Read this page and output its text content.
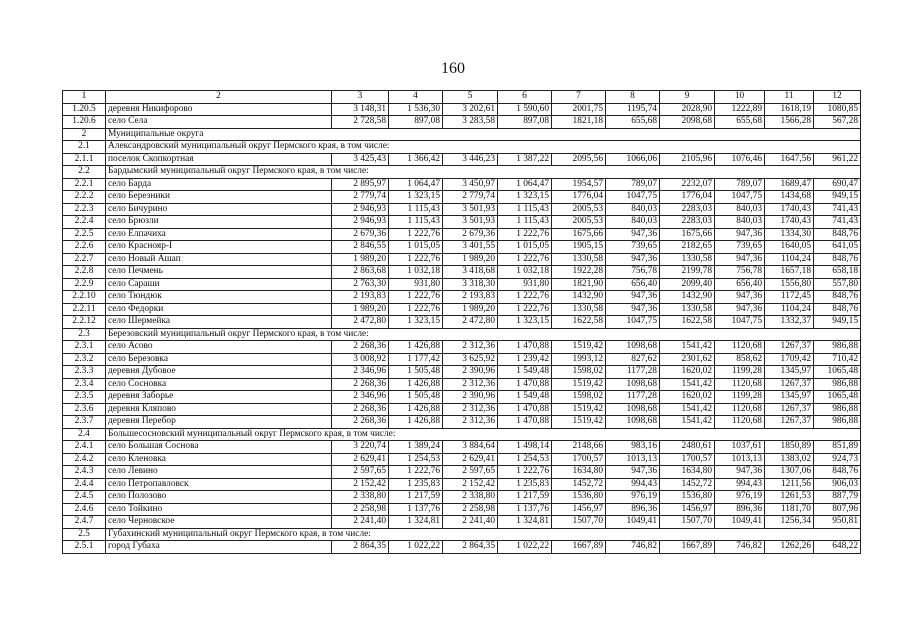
160
1	2	3	4	5	6	7	8	9	10	11	12
1.20.5	деревня Никифорово	3 148,31	1 536,30	3 202,61	1 590,60	2001,75	1195,74	2028,90	1222,89	1618,19	1080,85
1.20.6	село Села	2 728,58	897,08	3 283,58	897,08	1821,18	655,68	2098,68	655,68	1566,28	567,28
2	Муниципальные округа										
2.1	Александровский муниципальный округ Пермского края, в том числе:										
2.1.1	поселок Скопкортная	3 425,43	1 366,42	3 446,23	1 387,22	2095,56	1066,06	2105,96	1076,46	1647,56	961,22
2.2	Бардымский муниципальный округ Пермского края, в том числе:										
2.2.1	село Барда	2 895,97	1 064,47	3 450,97	1 064,47	1954,57	789,07	2232,07	789,07	1689,47	690,47
2.2.2	село Березники	2 779,74	1 323,15	2 779,74	1 323,15	1776,04	1047,75	1776,04	1047,75	1434,68	949,15
2.2.3	село Бичурино	2 946,93	1 115,43	3 501,93	1 115,43	2005,53	840,03	2283,03	840,03	1740,43	741,43
2.2.4	село Брюзли	2 946,93	1 115,43	3 501,93	1 115,43	2005,53	840,03	2283,03	840,03	1740,43	741,43
2.2.5	село Елпачиха	2 679,36	1 222,76	2 679,36	1 222,76	1675,66	947,36	1675,66	947,36	1334,30	848,76
2.2.6	село Краснояр-I	2 846,55	1 015,05	3 401,55	1 015,05	1905,15	739,65	2182,65	739,65	1640,05	641,05
2.2.7	село Новый Ашап	1 989,20	1 222,76	1 989,20	1 222,76	1330,58	947,36	1330,58	947,36	1104,24	848,76
2.2.8	село Печмень	2 863,68	1 032,18	3 418,68	1 032,18	1922,28	756,78	2199,78	756,78	1657,18	658,18
2.2.9	село Сараши	2 763,30	931,80	3 318,30	931,80	1821,90	656,40	2099,40	656,40	1556,80	557,80
2.2.10	село Тюндюк	2 193,83	1 222,76	2 193,83	1 222,76	1432,90	947,36	1432,90	947,36	1172,45	848,76
2.2.11	село Федорки	1 989,20	1 222,76	1 989,20	1 222,76	1330,58	947,36	1330,58	947,36	1104,24	848,76
2.2.12	село Шермейка	2 472,80	1 323,15	2 472,80	1 323,15	1622,58	1047,75	1622,58	1047,75	1332,37	949,15
2.3	Березовский муниципальный округ Пермского края, в том числе:										
2.3.1	село Асово	2 268,36	1 426,88	2 312,36	1 470,88	1519,42	1098,68	1541,42	1120,68	1267,37	986,88
2.3.2	село Березовка	3 008,92	1 177,42	3 625,92	1 239,42	1993,12	827,62	2301,62	858,62	1709,42	710,42
2.3.3	деревня Дубовое	2 346,96	1 505,48	2 390,96	1 549,48	1598,02	1177,28	1620,02	1199,28	1345,97	1065,48
2.3.4	село Сосновка	2 268,36	1 426,88	2 312,36	1 470,88	1519,42	1098,68	1541,42	1120,68	1267,37	986,88
2.3.5	деревня Заборье	2 346,96	1 505,48	2 390,96	1 549,48	1598,02	1177,28	1620,02	1199,28	1345,97	1065,48
2.3.6	деревня Кляпово	2 268,36	1 426,88	2 312,36	1 470,88	1519,42	1098,68	1541,42	1120,68	1267,37	986,88
2.3.7	деревня Перебор	2 268,36	1 426,88	2 312,36	1 470,88	1519,42	1098,68	1541,42	1120,68	1267,37	986,88
2.4	Большесосновский муниципальный округ Пермского края, в том числе:										
2.4.1	село Большая Соснова	3 220,74	1 389,24	3 884,64	1 498,14	2148,66	983,16	2480,61	1037,61	1850,89	851,89
2.4.2	село Кленовка	2 629,41	1 254,53	2 629,41	1 254,53	1700,57	1013,13	1700,57	1013,13	1383,02	924,73
2.4.3	село Левино	2 597,65	1 222,76	2 597,65	1 222,76	1634,80	947,36	1634,80	947,36	1307,06	848,76
2.4.4	село Петропавловск	2 152,42	1 235,83	2 152,42	1 235,83	1452,72	994,43	1452,72	994,43	1211,56	906,03
2.4.5	село Полозово	2 338,80	1 217,59	2 338,80	1 217,59	1536,80	976,19	1536,80	976,19	1261,53	887,79
2.4.6	село Тойкино	2 258,98	1 137,76	2 258,98	1 137,76	1456,97	896,36	1456,97	896,36	1181,70	807,96
2.4.7	село Черновское	2 241,40	1 324,81	2 241,40	1 324,81	1507,70	1049,41	1507,70	1049,41	1256,34	950,81
2.5	Губахинский муниципальный округ Пермского края, в том числе:										
2.5.1	город Губаха	2 864,35	1 022,22	2 864,35	1 022,22	1667,89	746,82	1667,89	746,82	1262,26	648,22
